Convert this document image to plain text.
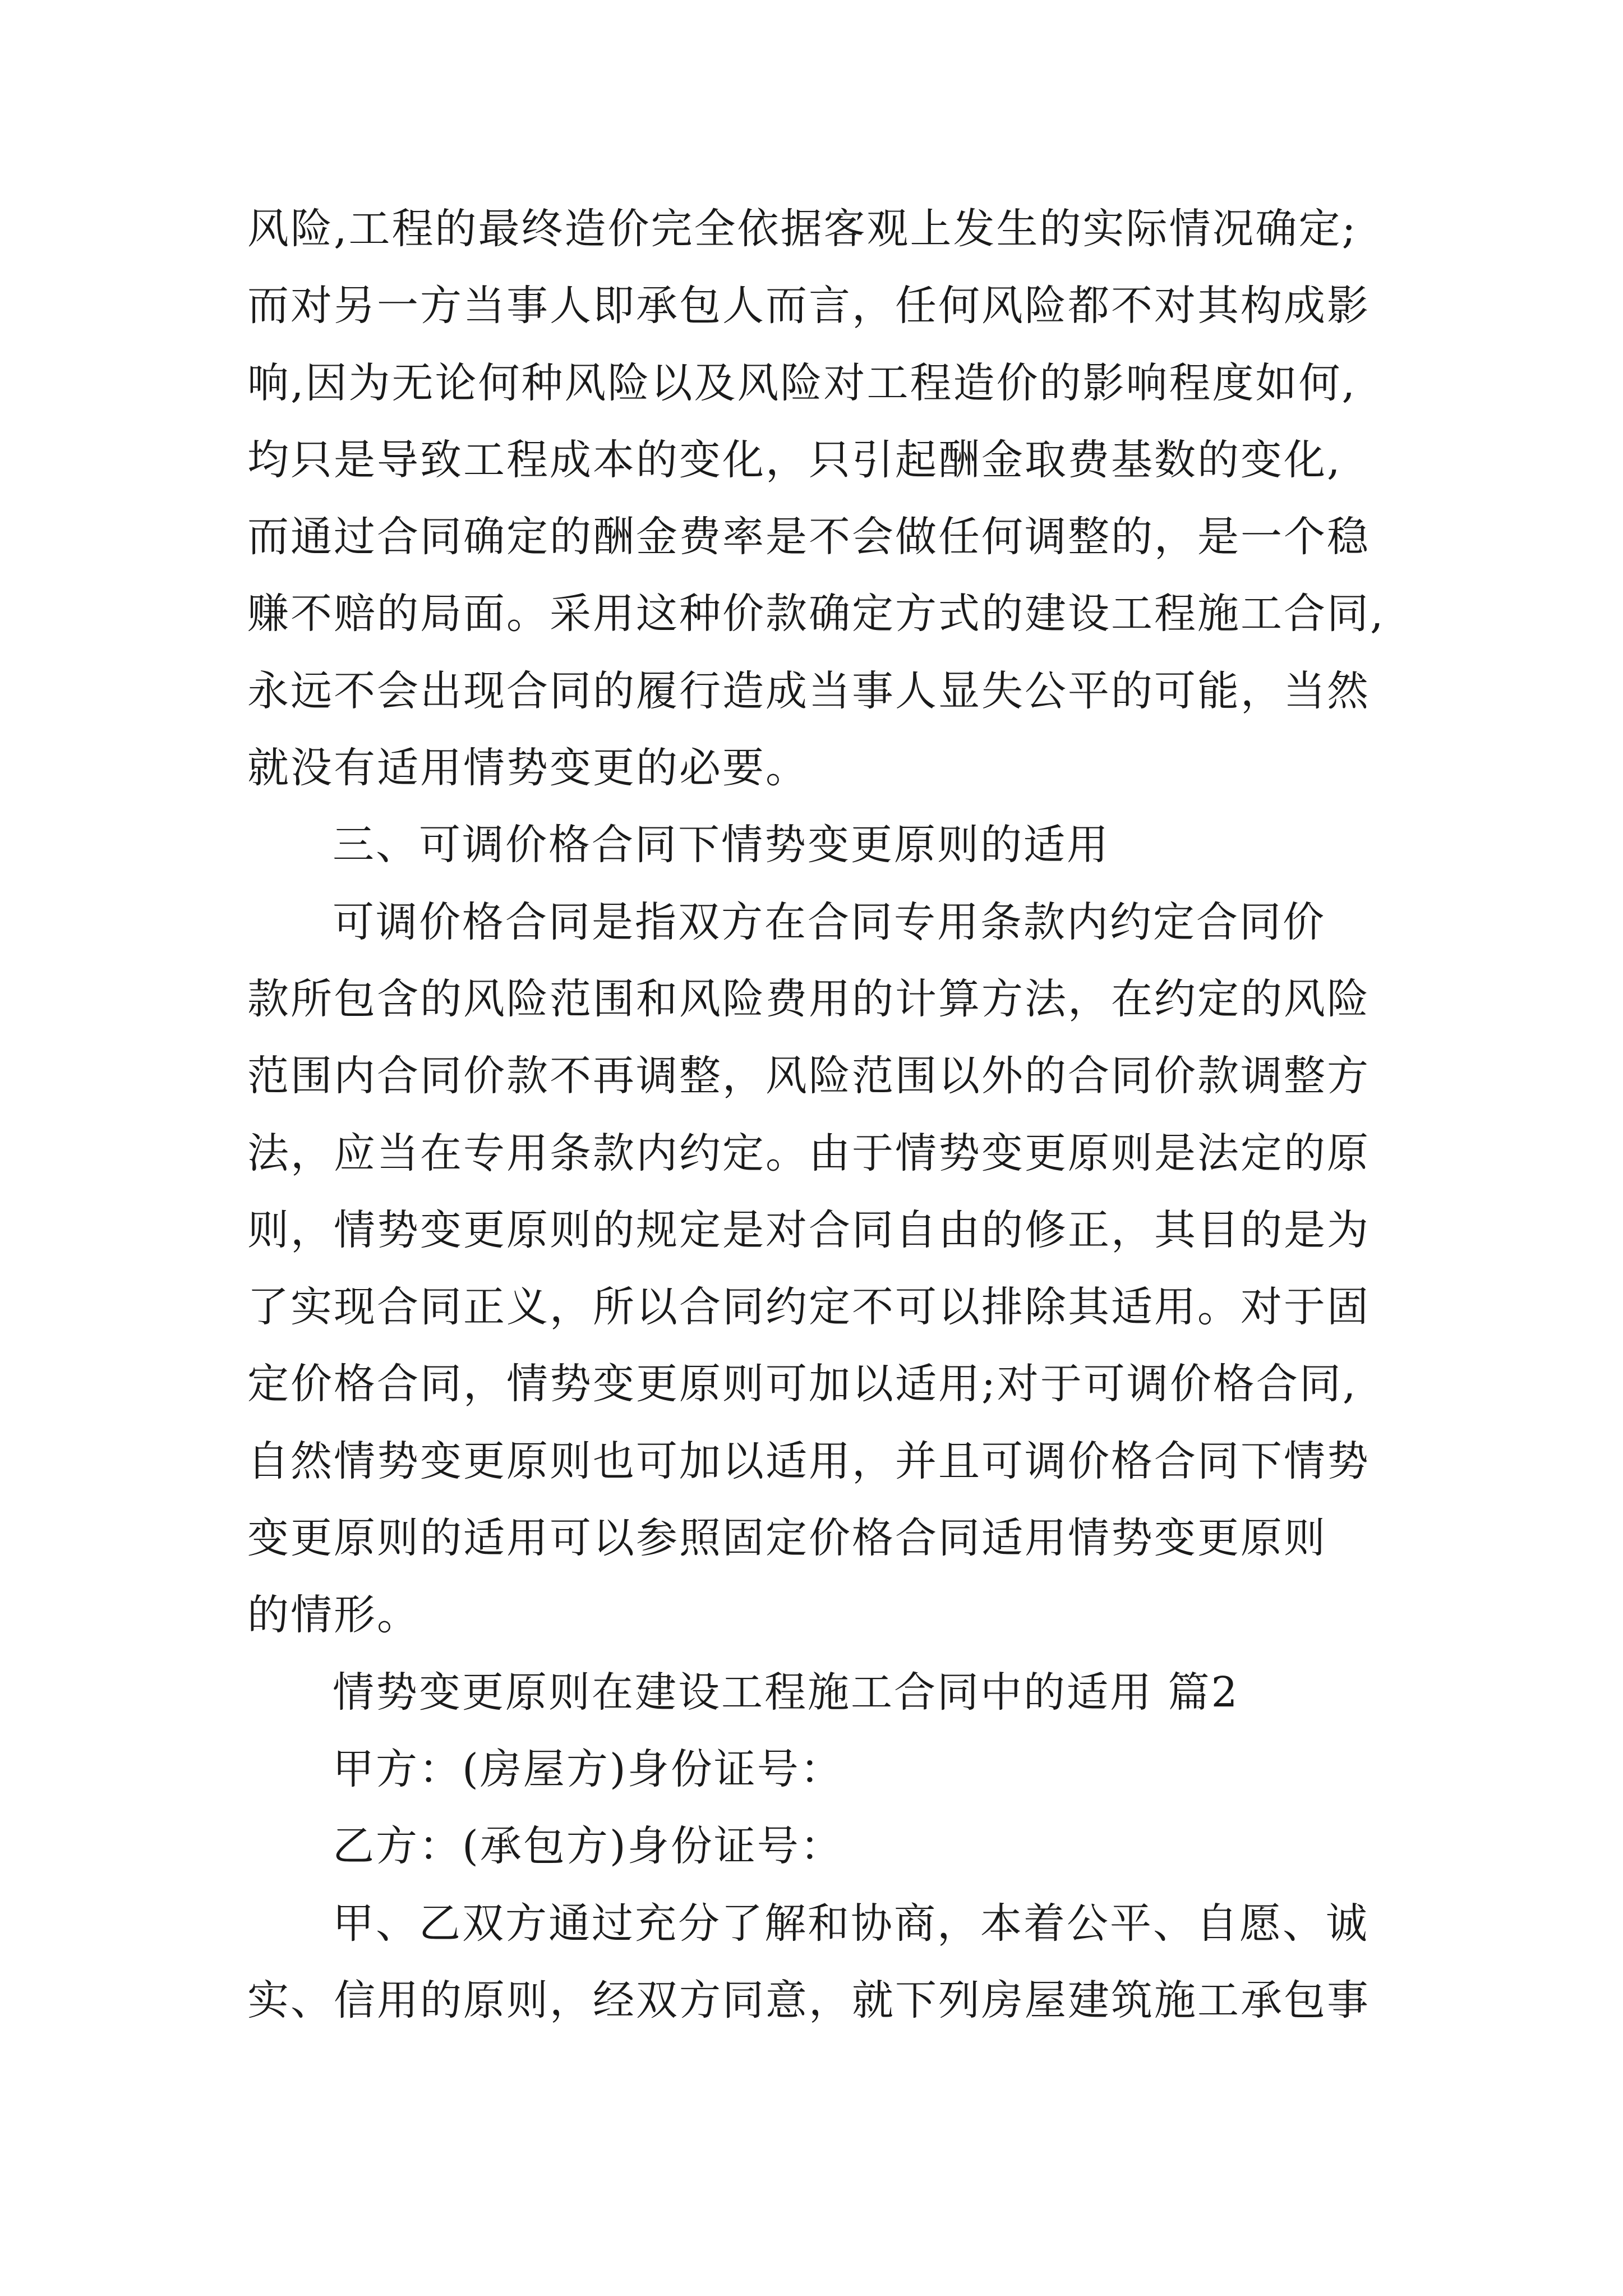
风险,工程的最终造价完全依据客观上发生的实际情况确定;
而对另一方当事人即承包人而言，任何风险都不对其构成影
响,因为无论何种风险以及风险对工程造价的影响程度如何,
均只是导致工程成本的变化，只引起酬金取费基数的变化,
而通过合同确定的酬金费率是不会做任何调整的，是一个稳
赚不赔的局面。采用这种价款确定方式的建设工程施工合同,
永远不会出现合同的履行造成当事人显失公平的可能，当然
就没有适用情势变更的必要。
三、可调价格合同下情势变更原则的适用
可调价格合同是指双方在合同专用条款内约定合同价
款所包含的风险范围和风险费用的计算方法，在约定的风险
范围内合同价款不再调整，风险范围以外的合同价款调整方
法，应当在专用条款内约定。由于情势变更原则是法定的原
则，情势变更原则的规定是对合同自由的修正，其目的是为
了实现合同正义，所以合同约定不可以排除其适用。对于固
定价格合同，情势变更原则可加以适用;对于可调价格合同,
自然情势变更原则也可加以适用，并且可调价格合同下情势
变更原则的适用可以参照固定价格合同适用情势变更原则
的情形。
情势变更原则在建设工程施工合同中的适用 篇2
甲方：(房屋方)身份证号：
乙方：(承包方)身份证号：
甲、乙双方通过充分了解和协商，本着公平、自愿、诚
实、信用的原则，经双方同意，就下列房屋建筑施工承包事
